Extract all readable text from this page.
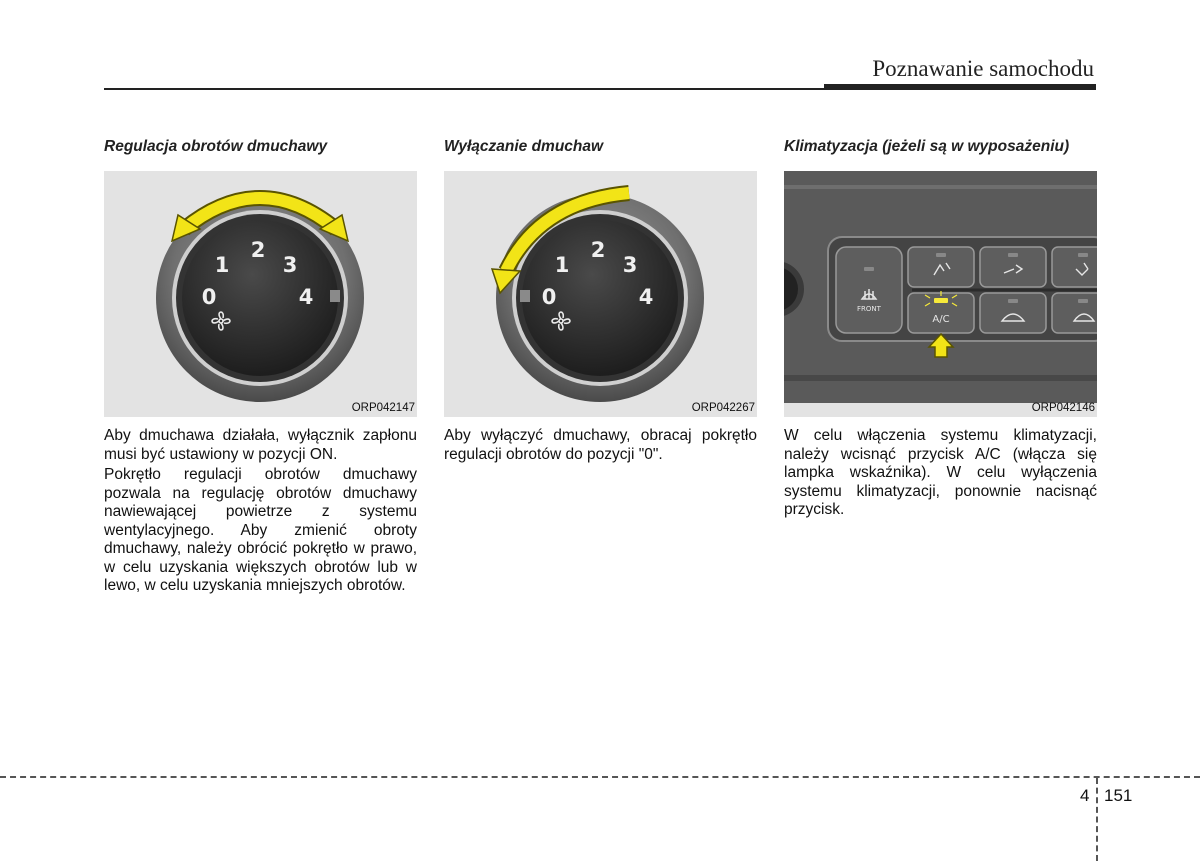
Poznawanie samochodu
Regulacja obrotów dmuchawy
0
1
2
3
4
ORP042147

Aby dmuchawa działała, wyłącznik zapłonu musi być ustawiony w pozycji ON.

Pokrętło regulacji obrotów dmuchawy pozwala na regulację obrotów dmuchawy nawiewającej powietrze z systemu wentylacyjnego. Aby zmienić obroty dmuchawy, należy obrócić pokrętło w prawo, w celu uzyskania większych obrotów lub w lewo, w celu uzyskania mniejszych obrotów.

Wyłączanie dmuchaw
0
1
2
3
4
ORP042267

Aby wyłączyć dmuchawy, obracaj pokrętło regulacji obrotów do pozycji "0".

Klimatyzacja (jeżeli są w wyposażeniu)
FRONT
A/C
ORP042146

W celu włączenia systemu klimatyzacji, należy wcisnąć przycisk A/C (włącza się lampka wskaźnika). W celu wyłączenia systemu klimatyzacji, ponownie nacisnąć przycisk.

4 151
